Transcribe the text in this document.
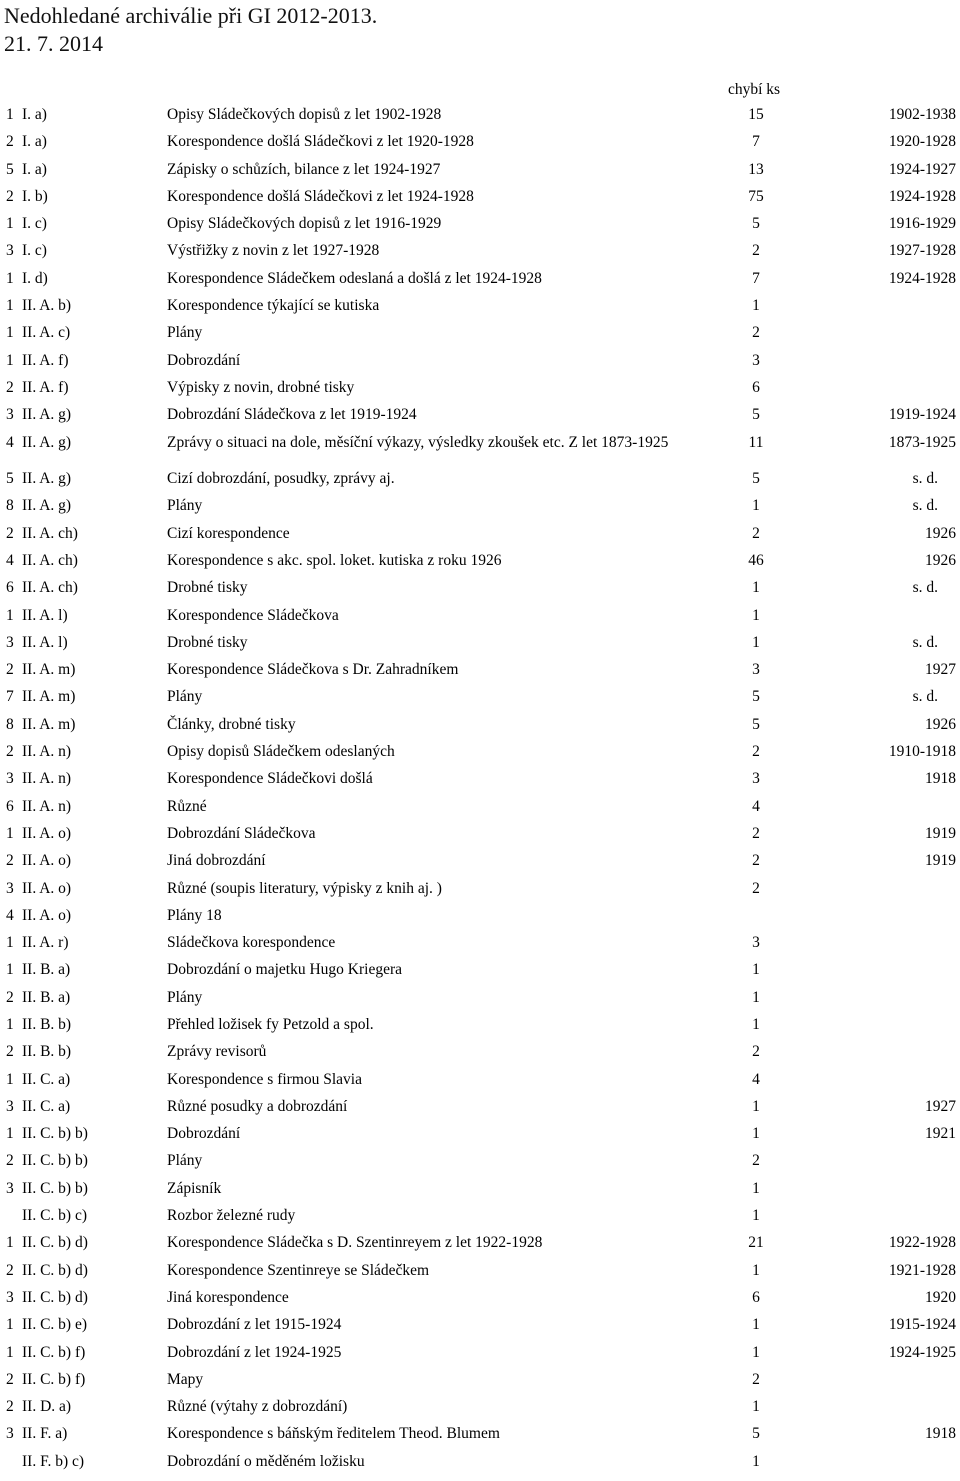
Nedohledané archiválie při GI 2012-2013.
21. 7. 2014
chybí ks
1 I. a)	Opisy Sládečkových dopisů z let 1902-1928	15	1902-1938
2 I. a)	Korespondence došlá Sládečkovi z let 1920-1928	7	1920-1928
5 I. a)	Zápisky o schůzích, bilance z let 1924-1927	13	1924-1927
2 I. b)	Korespondence došlá Sládečkovi z let 1924-1928	75	1924-1928
1 I. c)	Opisy Sládečkových dopisů z let 1916-1929	5	1916-1929
3 I. c)	Výstřižky z novin z let 1927-1928	2	1927-1928
1 I. d)	Korespondence Sládečkem odeslaná a došlá z let 1924-1928	7	1924-1928
1 II. A. b)	Korespondence týkající se kutiska	1
1 II. A. c)	Plány	2
1 II. A. f)	Dobrozdání	3
2 II. A. f)	Výpisky z novin, drobné tisky	6
3 II. A. g)	Dobrozdání Sládečkova z let 1919-1924	5	1919-1924
4 II. A. g)	Zprávy o situaci na dole, měsíční výkazy, výsledky zkoušek etc. Z let 1873-1925	11	1873-1925
5 II. A. g)	Cizí dobrozdání, posudky, zprávy aj.	5	s. d.
8 II. A. g)	Plány	1	s. d.
2 II. A. ch)	Cizí korespondence	2	1926
4 II. A. ch)	Korespondence s akc. spol. loket. kutiska z roku 1926	46	1926
6 II. A. ch)	Drobné tisky	1	s. d.
1 II. A. l)	Korespondence Sládečkova	1
3 II. A. l)	Drobné tisky	1	s. d.
2 II. A. m)	Korespondence Sládečkova s Dr. Zahradníkem	3	1927
7 II. A. m)	Plány	5	s. d.
8 II. A. m)	Články, drobné tisky	5	1926
2 II. A. n)	Opisy dopisů Sládečkem odeslaných	2	1910-1918
3 II. A. n)	Korespondence Sládečkovi došlá	3	1918
6 II. A. n)	Různé	4
1 II. A. o)	Dobrozdání Sládečkova	2	1919
2 II. A. o)	Jiná dobrozdání	2	1919
3 II. A. o)	Různé (soupis literatury, výpisky z knih aj. )	2
4 II. A. o)	Plány 18
1 II. A. r)	Sládečkova korespondence	3
1 II. B. a)	Dobrozdání o majetku Hugo Kriegera	1
2 II. B. a)	Plány	1
1 II. B. b)	Přehled ložisek fy Petzold a spol.	1
2 II. B. b)	Zprávy revisorů	2
1 II. C. a)	Korespondence s firmou Slavia	4
3 II. C. a)	Různé posudky a dobrozdání	1	1927
1 II. C. b) b)	Dobrozdání	1	1921
2 II. C. b) b)	Plány	2
3 II. C. b) b)	Zápisník	1
II. C. b) c)	Rozbor železné rudy	1
1 II. C. b) d)	Korespondence Sládečka s D. Szentinreyem z let 1922-1928	21	1922-1928
2 II. C. b) d)	Korespondence Szentinreye se Sládečkem	1	1921-1928
3 II. C. b) d)	Jiná korespondence	6	1920
1 II. C. b) e)	Dobrozdání z let 1915-1924	1	1915-1924
1 II. C. b) f)	Dobrozdání z let 1924-1925	1	1924-1925
2 II. C. b) f)	Mapy	2
2 II. D. a)	Různé (výtahy z dobrozdání)	1
3 II. F. a)	Korespondence s báňským ředitelem Theod. Blumem	5	1918
II. F. b) c)	Dobrozdání o měděném ložisku	1
